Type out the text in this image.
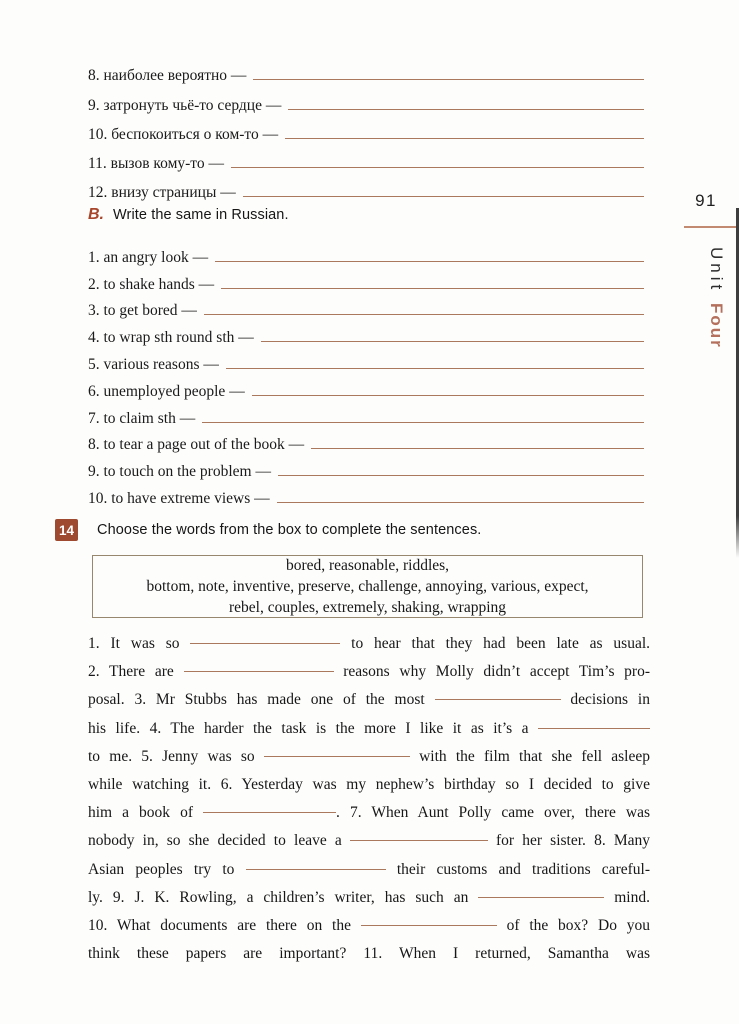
8. наиболее вероятно —
9. затронуть чьё-то сердце —
10. беспокоиться о ком-то —
11. вызов кому-то —
12. внизу страницы —
B. Write the same in Russian.
1. an angry look —
2. to shake hands —
3. to get bored —
4. to wrap sth round sth —
5. various reasons —
6. unemployed people —
7. to claim sth —
8. to tear a page out of the book —
9. to touch on the problem —
10. to have extreme views —
14 Choose the words from the box to complete the sentences.
bored, reasonable, riddles,
bottom, note, inventive, preserve, challenge, annoying, various, expect,
rebel, couples, extremely, shaking, wrapping
1. It was so	to hear that they had been late as usual.
2. There are	reasons why Molly didn’t accept Tim’s pro-
posal. 3. Mr Stubbs has made one of the most	decisions in
his life. 4. The harder the task is the more I like it as it’s a
to me. 5. Jenny was so	with the film that she fell asleep
while watching it. 6. Yesterday was my nephew’s birthday so I decided to give
him a book of	. 7. When Aunt Polly came over, there was
nobody in, so she decided to leave a	for her sister. 8. Many
Asian peoples try to	their customs and traditions careful-
ly. 9. J. K. Rowling, a children’s writer, has such an	mind.
10. What documents are there on the	of the box? Do you
think these papers are important? 11. When I returned, Samantha was
91
UnitFour
